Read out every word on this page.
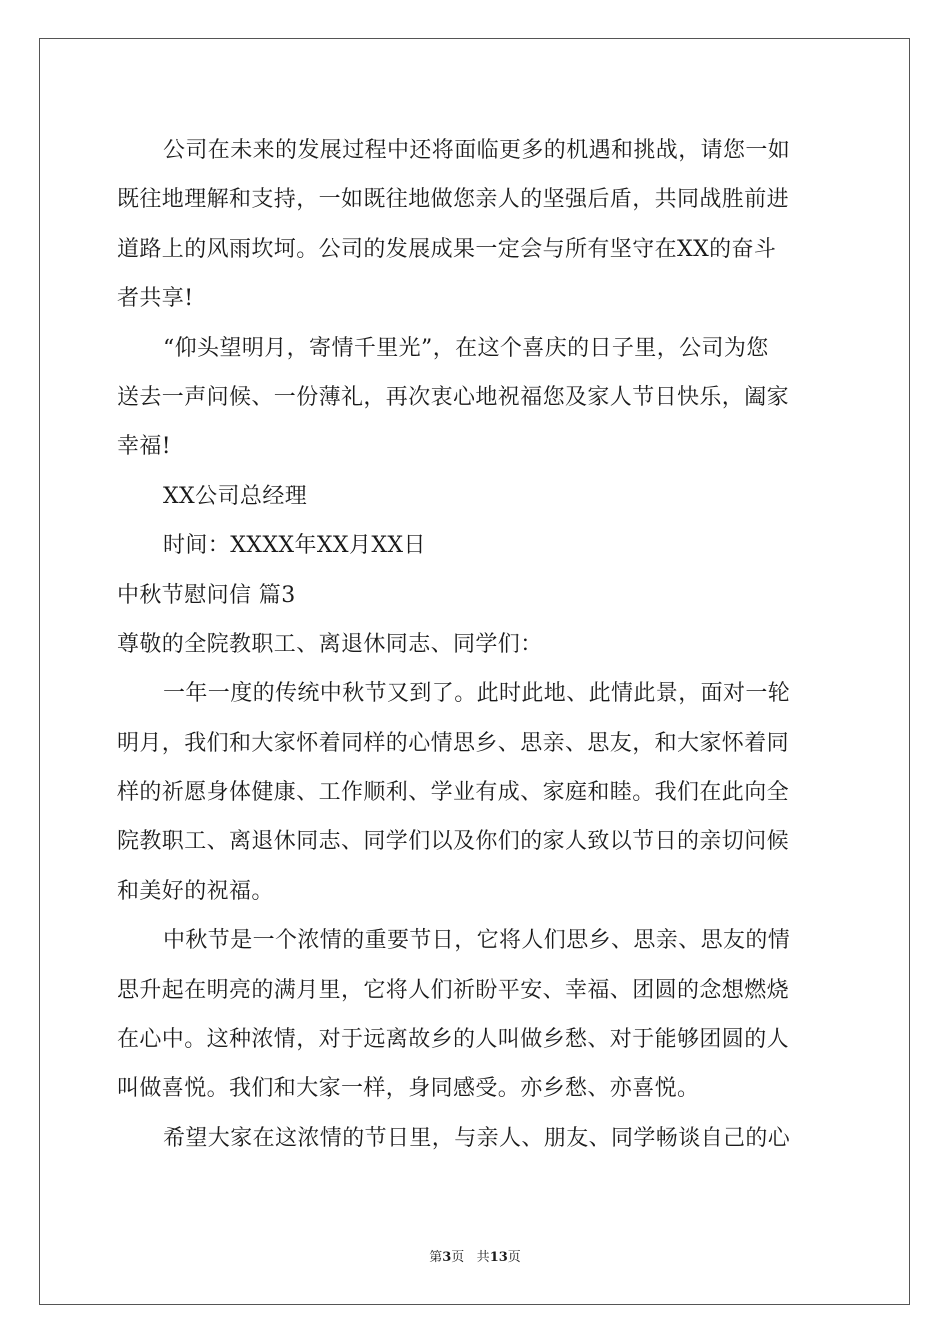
公司在未来的发展过程中还将面临更多的机遇和挑战，请您一如
既往地理解和支持，一如既往地做您亲人的坚强后盾，共同战胜前进
道路上的风雨坎坷。公司的发展成果一定会与所有坚守在XX的奋斗
者共享!
“仰头望明月，寄情千里光”，在这个喜庆的日子里，公司为您
送去一声问候、一份薄礼，再次衷心地祝福您及家人节日快乐，阖家
幸福!
XX公司总经理
时间：XXXX年XX月XX日
中秋节慰问信 篇3
尊敬的全院教职工、离退休同志、同学们：
一年一度的传统中秋节又到了。此时此地、此情此景，面对一轮
明月，我们和大家怀着同样的心情思乡、思亲、思友，和大家怀着同
样的祈愿身体健康、工作顺利、学业有成、家庭和睦。我们在此向全
院教职工、离退休同志、同学们以及你们的家人致以节日的亲切问候
和美好的祝福。
中秋节是一个浓情的重要节日，它将人们思乡、思亲、思友的情
思升起在明亮的满月里，它将人们祈盼平安、幸福、团圆的念想燃烧
在心中。这种浓情，对于远离故乡的人叫做乡愁、对于能够团圆的人
叫做喜悦。我们和大家一样，身同感受。亦乡愁、亦喜悦。
希望大家在这浓情的节日里，与亲人、朋友、同学畅谈自己的心
第3页 共13页
